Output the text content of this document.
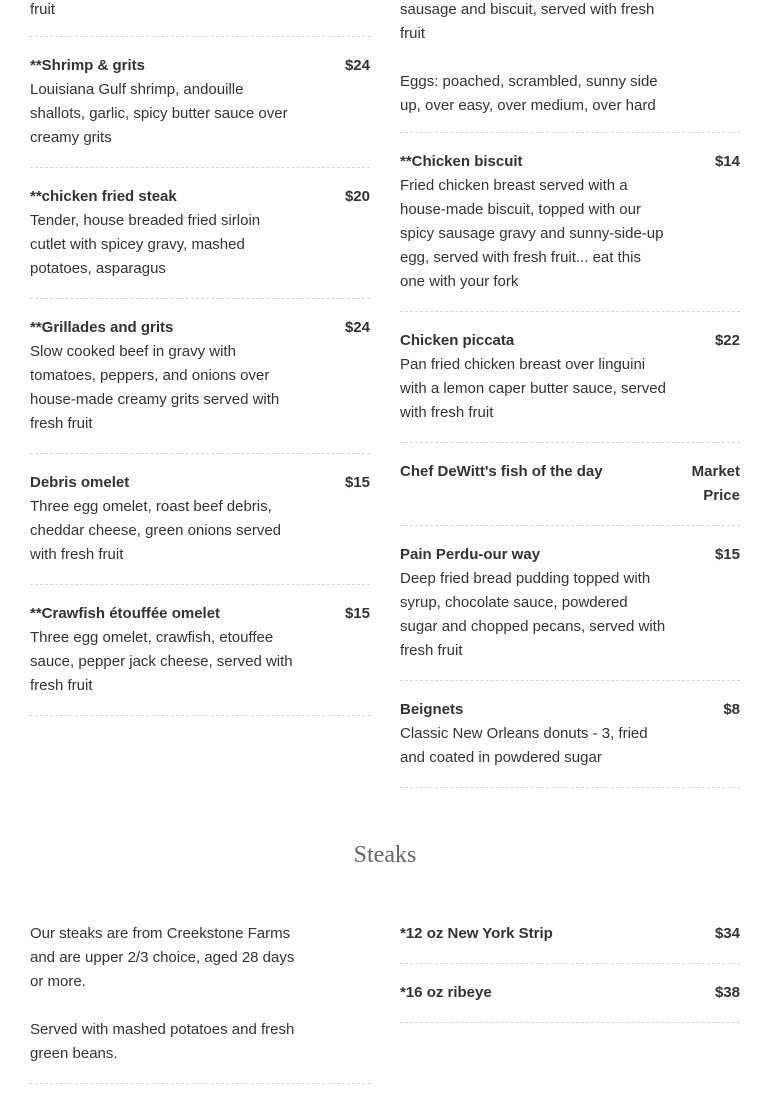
fruit
**Shrimp & grits	$24
Louisiana Gulf shrimp, andouille shallots, garlic, spicy butter sauce over creamy grits
**chicken fried steak	$20
Tender, house breaded fried sirloin cutlet with spicey gravy, mashed potatoes, asparagus
**Grillades and grits	$24
Slow cooked beef in gravy with tomatoes, peppers, and onions over house-made creamy grits served with fresh fruit
Debris omelet	$15
Three egg omelet, roast beef debris, cheddar cheese, green onions served with fresh fruit
**Crawfish étouffée omelet	$15
Three egg omelet, crawfish, etouffee sauce, pepper jack cheese, served with fresh fruit
sausage and biscuit, served with fresh fruit

Eggs: poached, scrambled, sunny side up, over easy, over medium, over hard
**Chicken biscuit	$14
Fried chicken breast served with a house-made biscuit, topped with our spicy sausage gravy and sunny-side-up egg, served with fresh fruit... eat this one with your fork
Chicken piccata	$22
Pan fried chicken breast over linguini with a lemon caper butter sauce, served with fresh fruit
Chef DeWitt's fish of the day	Market Price
Pain Perdu-our way	$15
Deep fried bread pudding topped with syrup, chocolate sauce, powdered sugar and chopped pecans, served with fresh fruit
Beignets	$8
Classic New Orleans donuts - 3, fried and coated in powdered sugar
Steaks
Our steaks are from Creekstone Farms and are upper 2/3 choice, aged 28 days or more.

Served with mashed potatoes and fresh green beans.
*12 oz New York Strip	$34
*16 oz ribeye	$38
